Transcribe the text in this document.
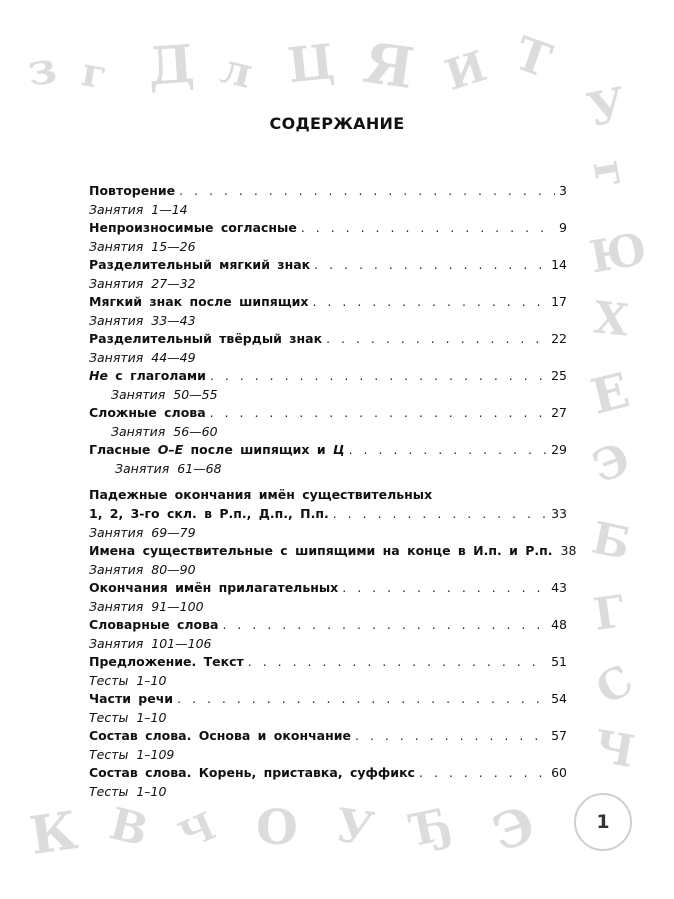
з г Д л Ц Я И Т
У
г
Ю
Х
Е
Э
Б
Г
С
Ч
К В Ч О У Ђ Э
СОДЕРЖАНИЕ
Повторение . . .	3
Занятия 1—14
Непроизносимые согласные . . .	9
Занятия 15—26
Разделительный мягкий знак . . .	14
Занятия 27—32
Мягкий знак после шипящих . . .	17
Занятия 33—43
Разделительный твёрдый знак . . .	22
Занятия 44—49
Не с глаголами . . .	25
Занятия 50—55
Сложные слова . . .	27
Занятия 56—60
Гласные О–Е после шипящих и Ц . . .	29
Занятия 61—68
Падежные окончания имён существительных
1, 2, 3-го скл. в Р.п., Д.п., П.п. . . .	33
Занятия 69—79
Имена существительные с шипящими на конце в И.п. и Р.п. 38
Занятия 80—90
Окончания имён прилагательных . . .	43
Занятия 91—100
Словарные слова . . .	48
Занятия 101—106
Предложение. Текст . . .	51
Тесты 1–10
Части речи . . .	54
Тесты 1–10
Состав слова. Основа и окончание . . .	57
Тесты 1–109
Состав слова. Корень, приставка, суффикс . . .	60
Тесты 1–10
1
